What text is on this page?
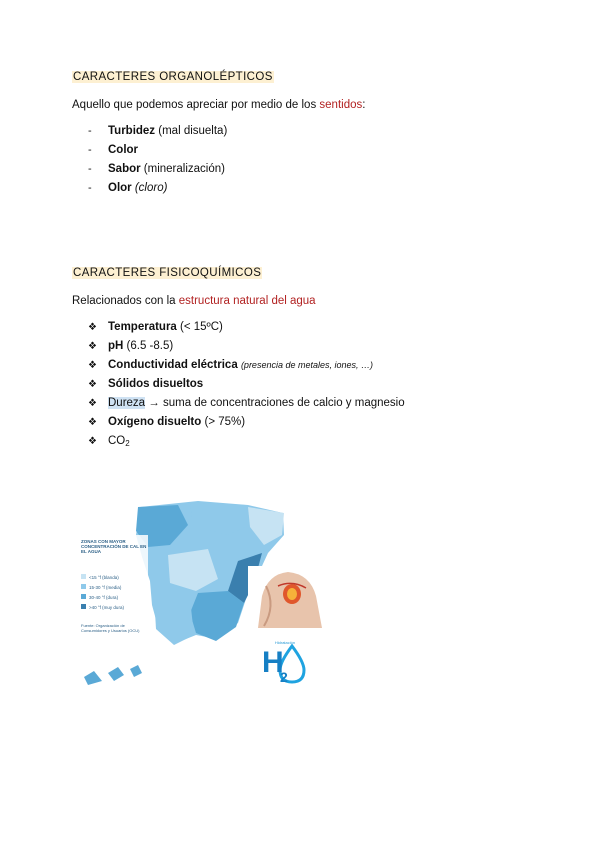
CARACTERES ORGANOLÉPTICOS
Aquello que podemos apreciar por medio de los sentidos:
-	Turbidez (mal disuelta)
-	Color
-	Sabor (mineralización)
-	Olor (cloro)
CARACTERES FISICOQUÍMICOS
Relacionados con la estructura natural del agua
❖ Temperatura (< 15ºC)
❖ pH (6.5 -8.5)
❖ Conductividad eléctrica (presencia de metales, iones, …)
❖ Sólidos disueltos
❖ Dureza → suma de concentraciones de calcio y magnesio
❖ Oxígeno disuelto (> 75%)
❖ $CO_2$
ZONAS CON MAYOR CONCENTRACIÓN DE CAL EN EL AGUA
<15 °f (blanda)
15-30 °f (media)
30-40 °f (dura)
>40 °f (muy dura)
Fuente: Organización de Consumidores y Usuarios (OCU)
Hidratación
H
2
